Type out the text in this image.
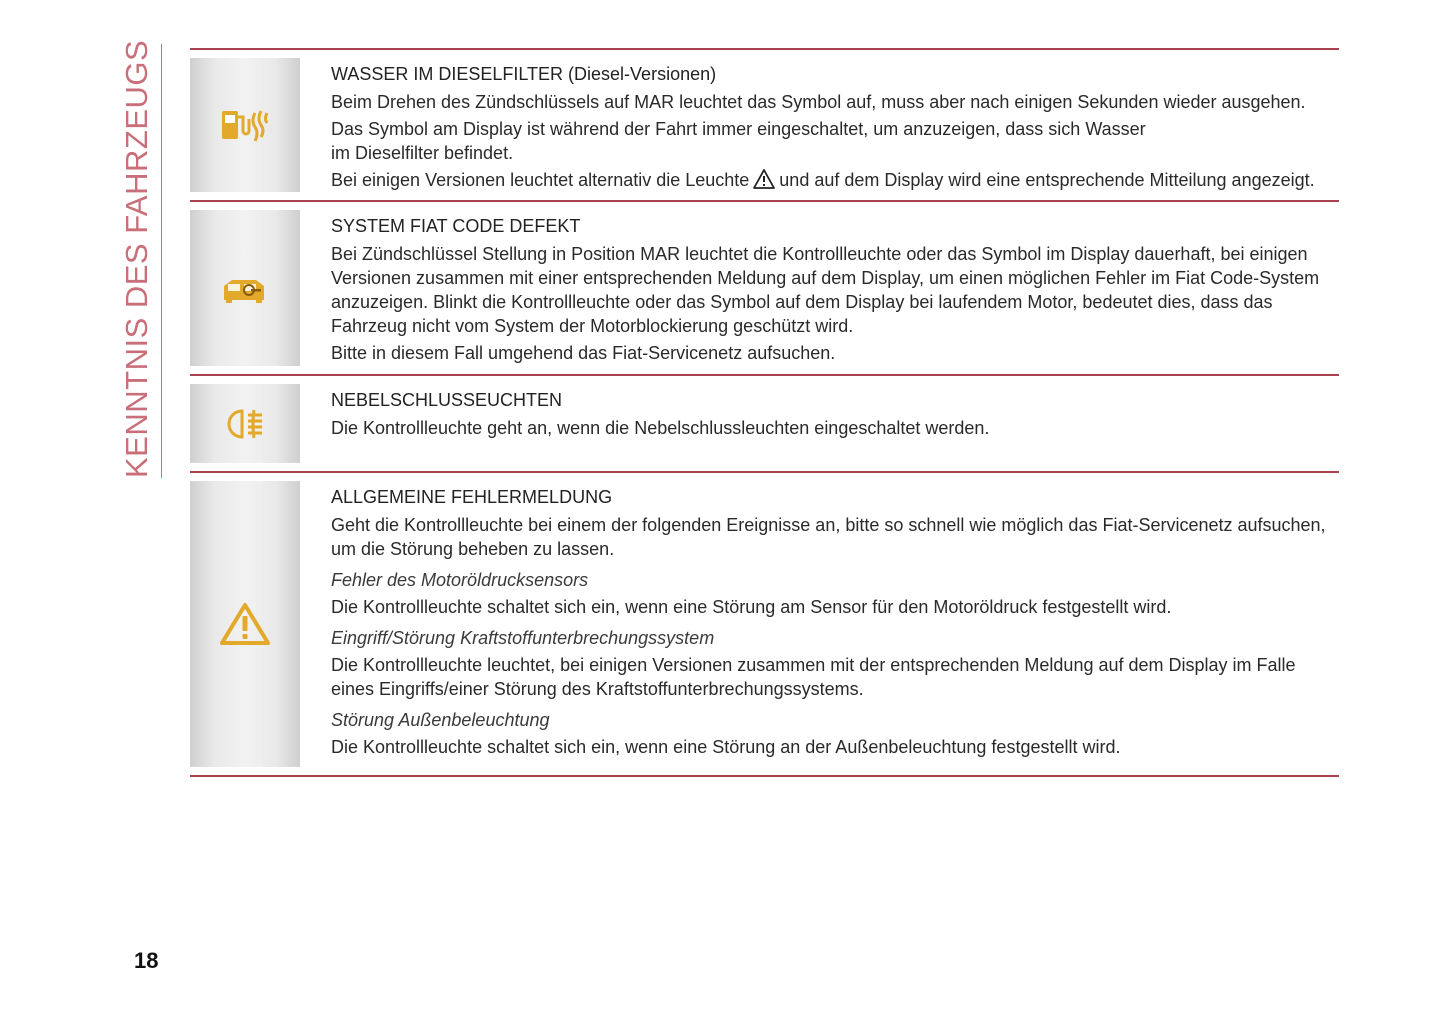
KENNTNIS DES FAHRZEUGS	WASSER IM DIESELFILTER (Diesel-Versionen)

Beim Drehen des Zündschlüssels auf MAR leuchtet das Symbol auf, muss aber nach einigen Sekunden wieder ausgehen.

Das Symbol am Display ist während der Fahrt immer eingeschaltet, um anzuzeigen, dass sich Wasser

im Dieselfilter befindet.

Bei einigen Versionen leuchtet alternativ die Leuchte und auf dem Display wird eine entsprechende Mitteilung angezeigt.

SYSTEM FIAT CODE DEFEKT

Bei Zündschlüssel Stellung in Position MAR leuchtet die Kontrollleuchte oder das Symbol im Display dauerhaft, bei einigen Versionen zusammen mit einer entsprechenden Meldung auf dem Display, um einen möglichen Fehler im Fiat Code-System anzuzeigen. Blinkt die Kontrollleuchte oder das Symbol auf dem Display bei laufendem Motor, bedeutet dies, dass das Fahrzeug nicht vom System der Motorblockierung geschützt wird.

Bitte in diesem Fall umgehend das Fiat-Servicenetz aufsuchen.

NEBELSCHLUSSEUCHTEN

Die Kontrollleuchte geht an, wenn die Nebelschlussleuchten eingeschaltet werden.

ALLGEMEINE FEHLERMELDUNG

Geht die Kontrollleuchte bei einem der folgenden Ereignisse an, bitte so schnell wie möglich das Fiat-Servicenetz aufsuchen, um die Störung beheben zu lassen.

Fehler des Motoröldrucksensors

Die Kontrollleuchte schaltet sich ein, wenn eine Störung am Sensor für den Motoröldruck festgestellt wird.

Eingriff/Störung Kraftstoffunterbrechungssystem

Die Kontrollleuchte leuchtet, bei einigen Versionen zusammen mit der entsprechenden Meldung auf dem Display im Falle eines Eingriffs/einer Störung des Kraftstoffunterbrechungssystems.

Störung Außenbeleuchtung

Die Kontrollleuchte schaltet sich ein, wenn eine Störung an der Außenbeleuchtung festgestellt wird.

18
